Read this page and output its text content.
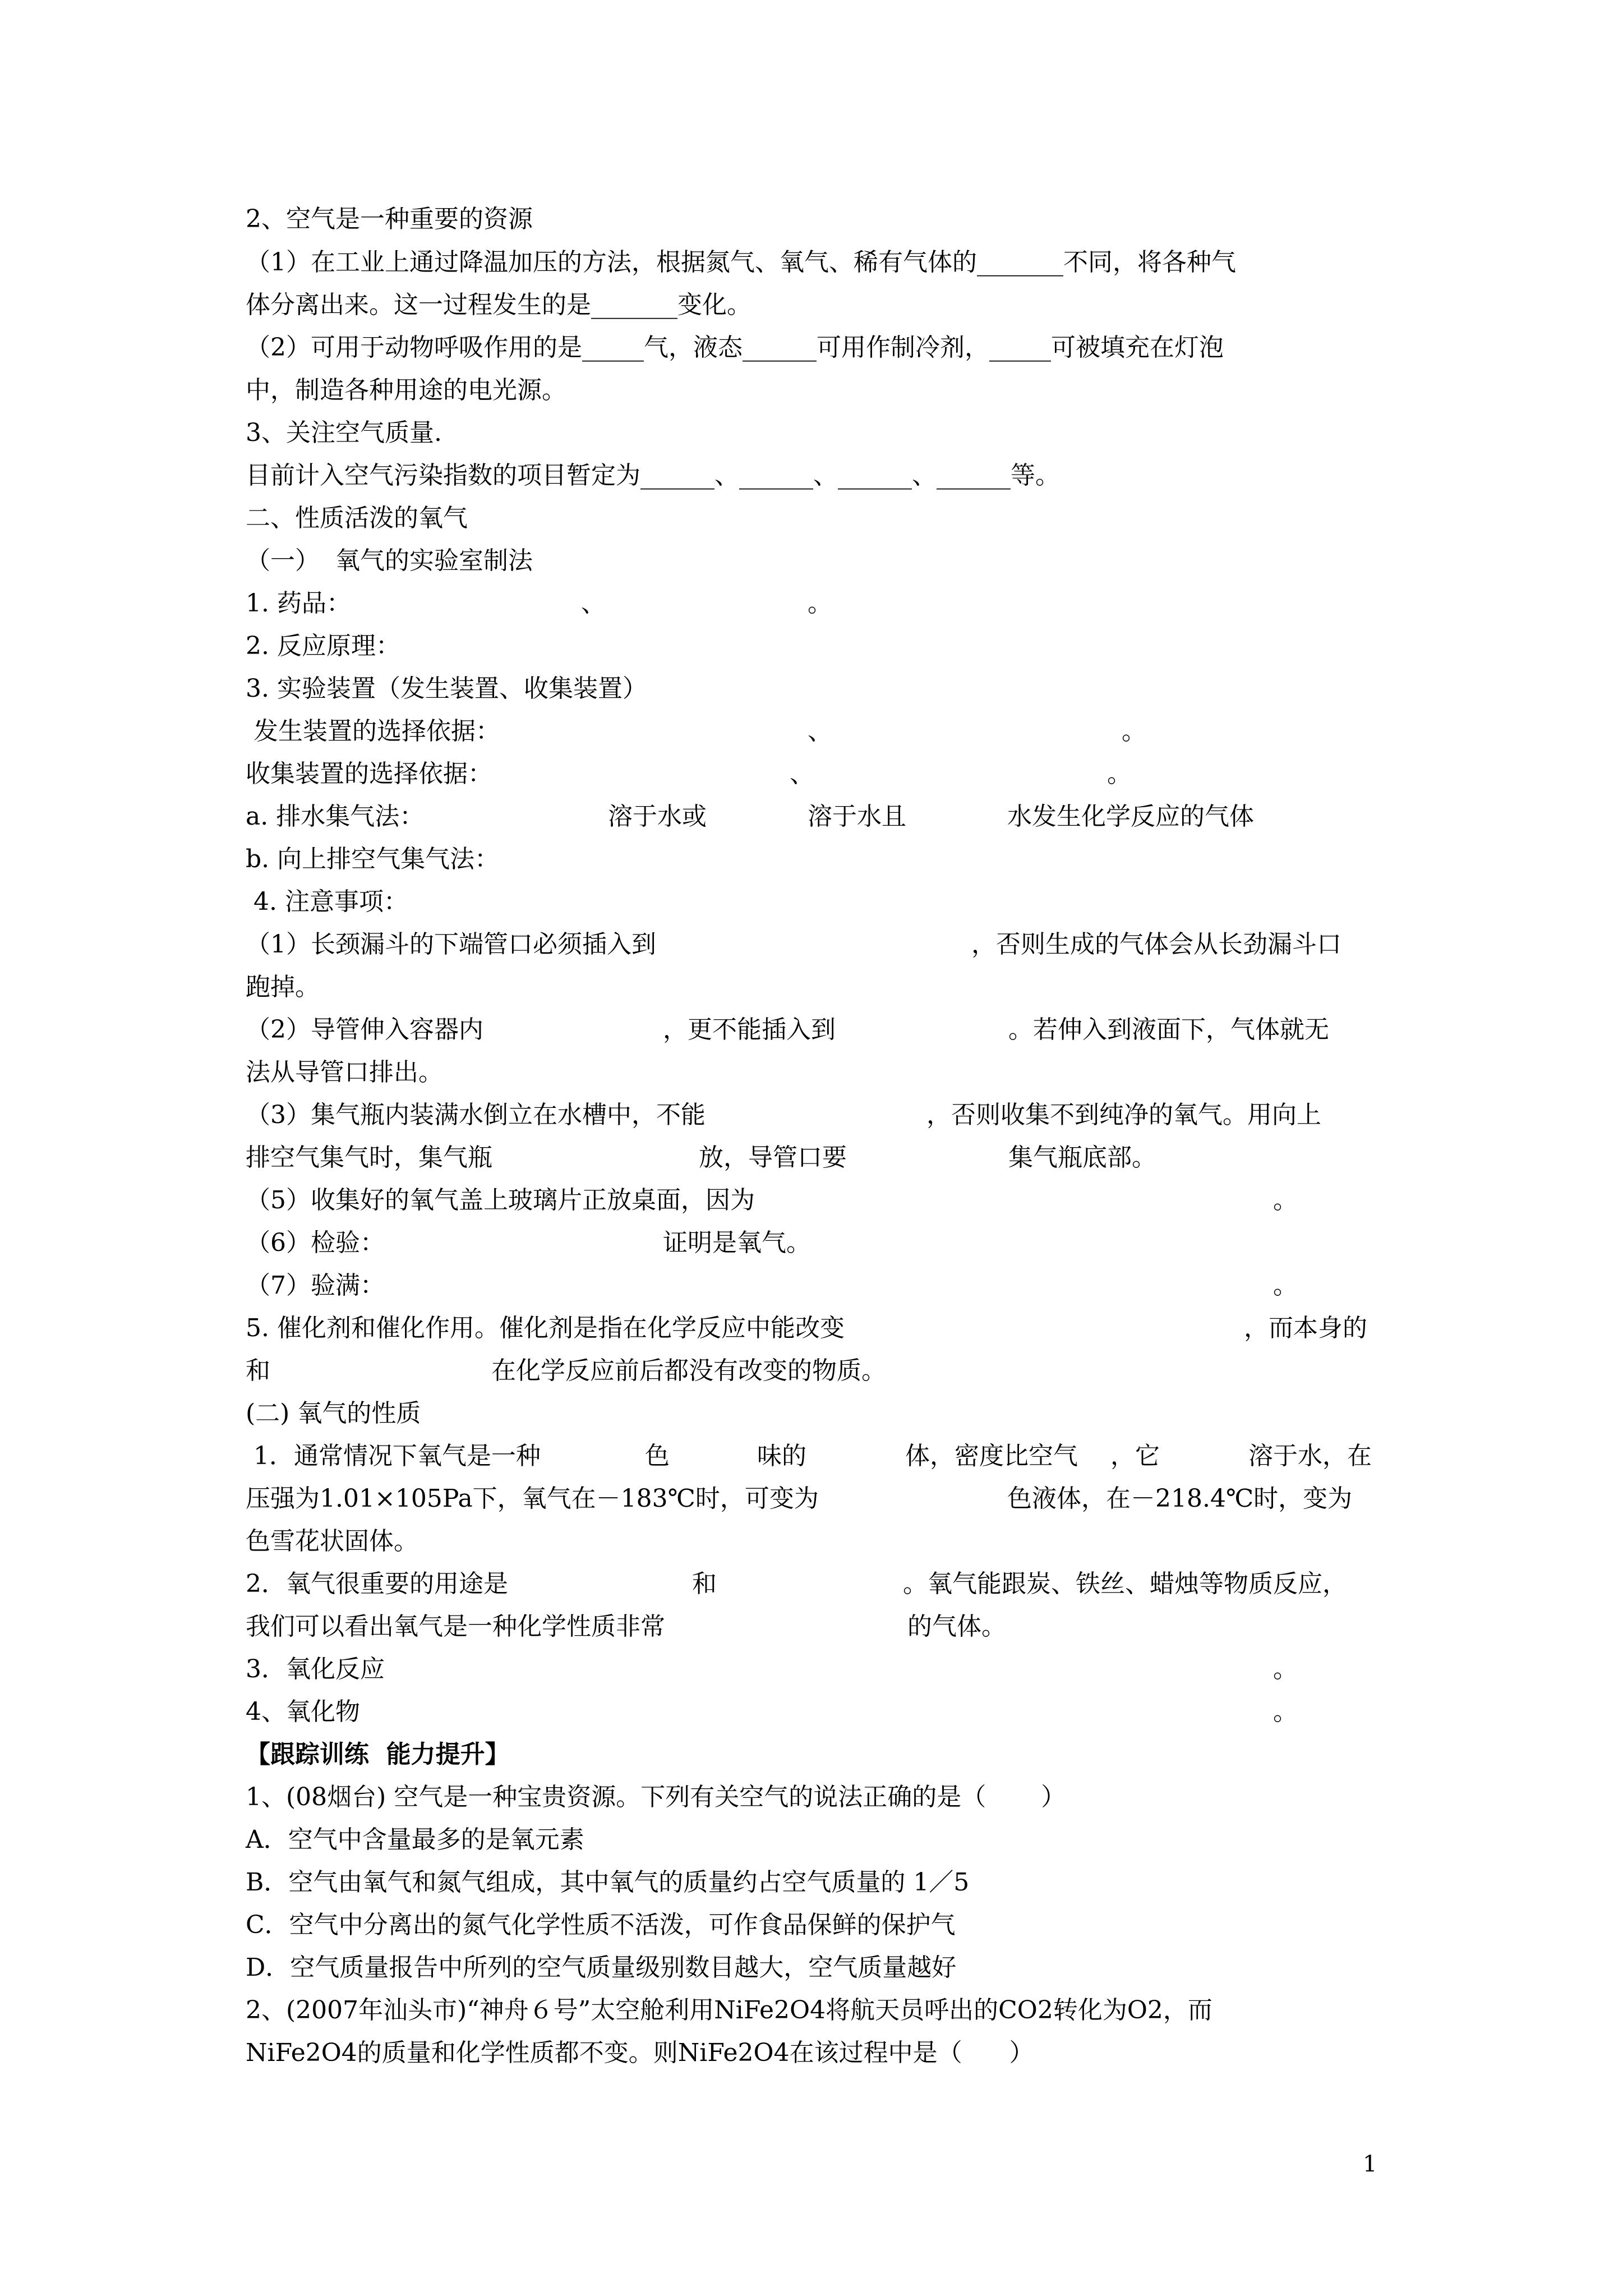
2、空气是一种重要的资源
（1）在工业上通过降温加压的方法，根据氮气、氧气、稀有气体的_______不同，将各种气
体分离出来。这一过程发生的是_______变化。
（2）可用于动物呼吸作用的是_____气，液态______可用作制冷剂，_____可被填充在灯泡
中，制造各种用途的电光源。
3、关注空气质量.
目前计入空气污染指数的项目暂定为______、______、______、______等。
二、性质活泼的氧气
（一）  氧气的实验室制法
1. 药品：	、	。
2. 反应原理：
3. 实验装置（发生装置、收集装置）
发生装置的选择依据：	、	。
收集装置的选择依据：	、	。
a. 排水集气法：	溶于水或	溶于水且	水发生化学反应的气体
b. 向上排空气集气法：
4. 注意事项：
（1）长颈漏斗的下端管口必须插入到	，否则生成的气体会从长劲漏斗口
跑掉。
（2）导管伸入容器内	，更不能插入到	。若伸入到液面下，气体就无
法从导管口排出。
（3）集气瓶内装满水倒立在水槽中，不能	，否则收集不到纯净的氧气。用向上
排空气集气时，集气瓶	放，导管口要	集气瓶底部。
（5）收集好的氧气盖上玻璃片正放桌面，因为	。
（6）检验：	证明是氧气。
（7）验满：	。
5. 催化剂和催化作用。催化剂是指在化学反应中能改变	，而本身的
和	在化学反应前后都没有改变的物质。
(二) 氧气的性质
1．通常情况下氧气是一种	色	味的	体，密度比空气 ，它	溶于水，在
压强为1.01×105Pa下，氧气在－183℃时，可变为	色液体，在－218.4℃时，变为
色雪花状固体。
2．氧气很重要的用途是	和	。氧气能跟炭、铁丝、蜡烛等物质反应，
我们可以看出氧气是一种化学性质非常	的气体。
3．氧化反应	。
4、氧化物	。
【跟踪训练  能力提升】
1、(08烟台) 空气是一种宝贵资源。下列有关空气的说法正确的是（       ）
A．空气中含量最多的是氧元素
B．空气由氧气和氮气组成，其中氧气的质量约占空气质量的 1／5
C．空气中分离出的氮气化学性质不活泼，可作食品保鲜的保护气
D．空气质量报告中所列的空气质量级别数目越大，空气质量越好
2、(2007年汕头市)“神舟６号”太空舱利用NiFe2O4将航天员呼出的CO2转化为O2，而
NiFe2O4的质量和化学性质都不变。则NiFe2O4在该过程中是（      ）
1
